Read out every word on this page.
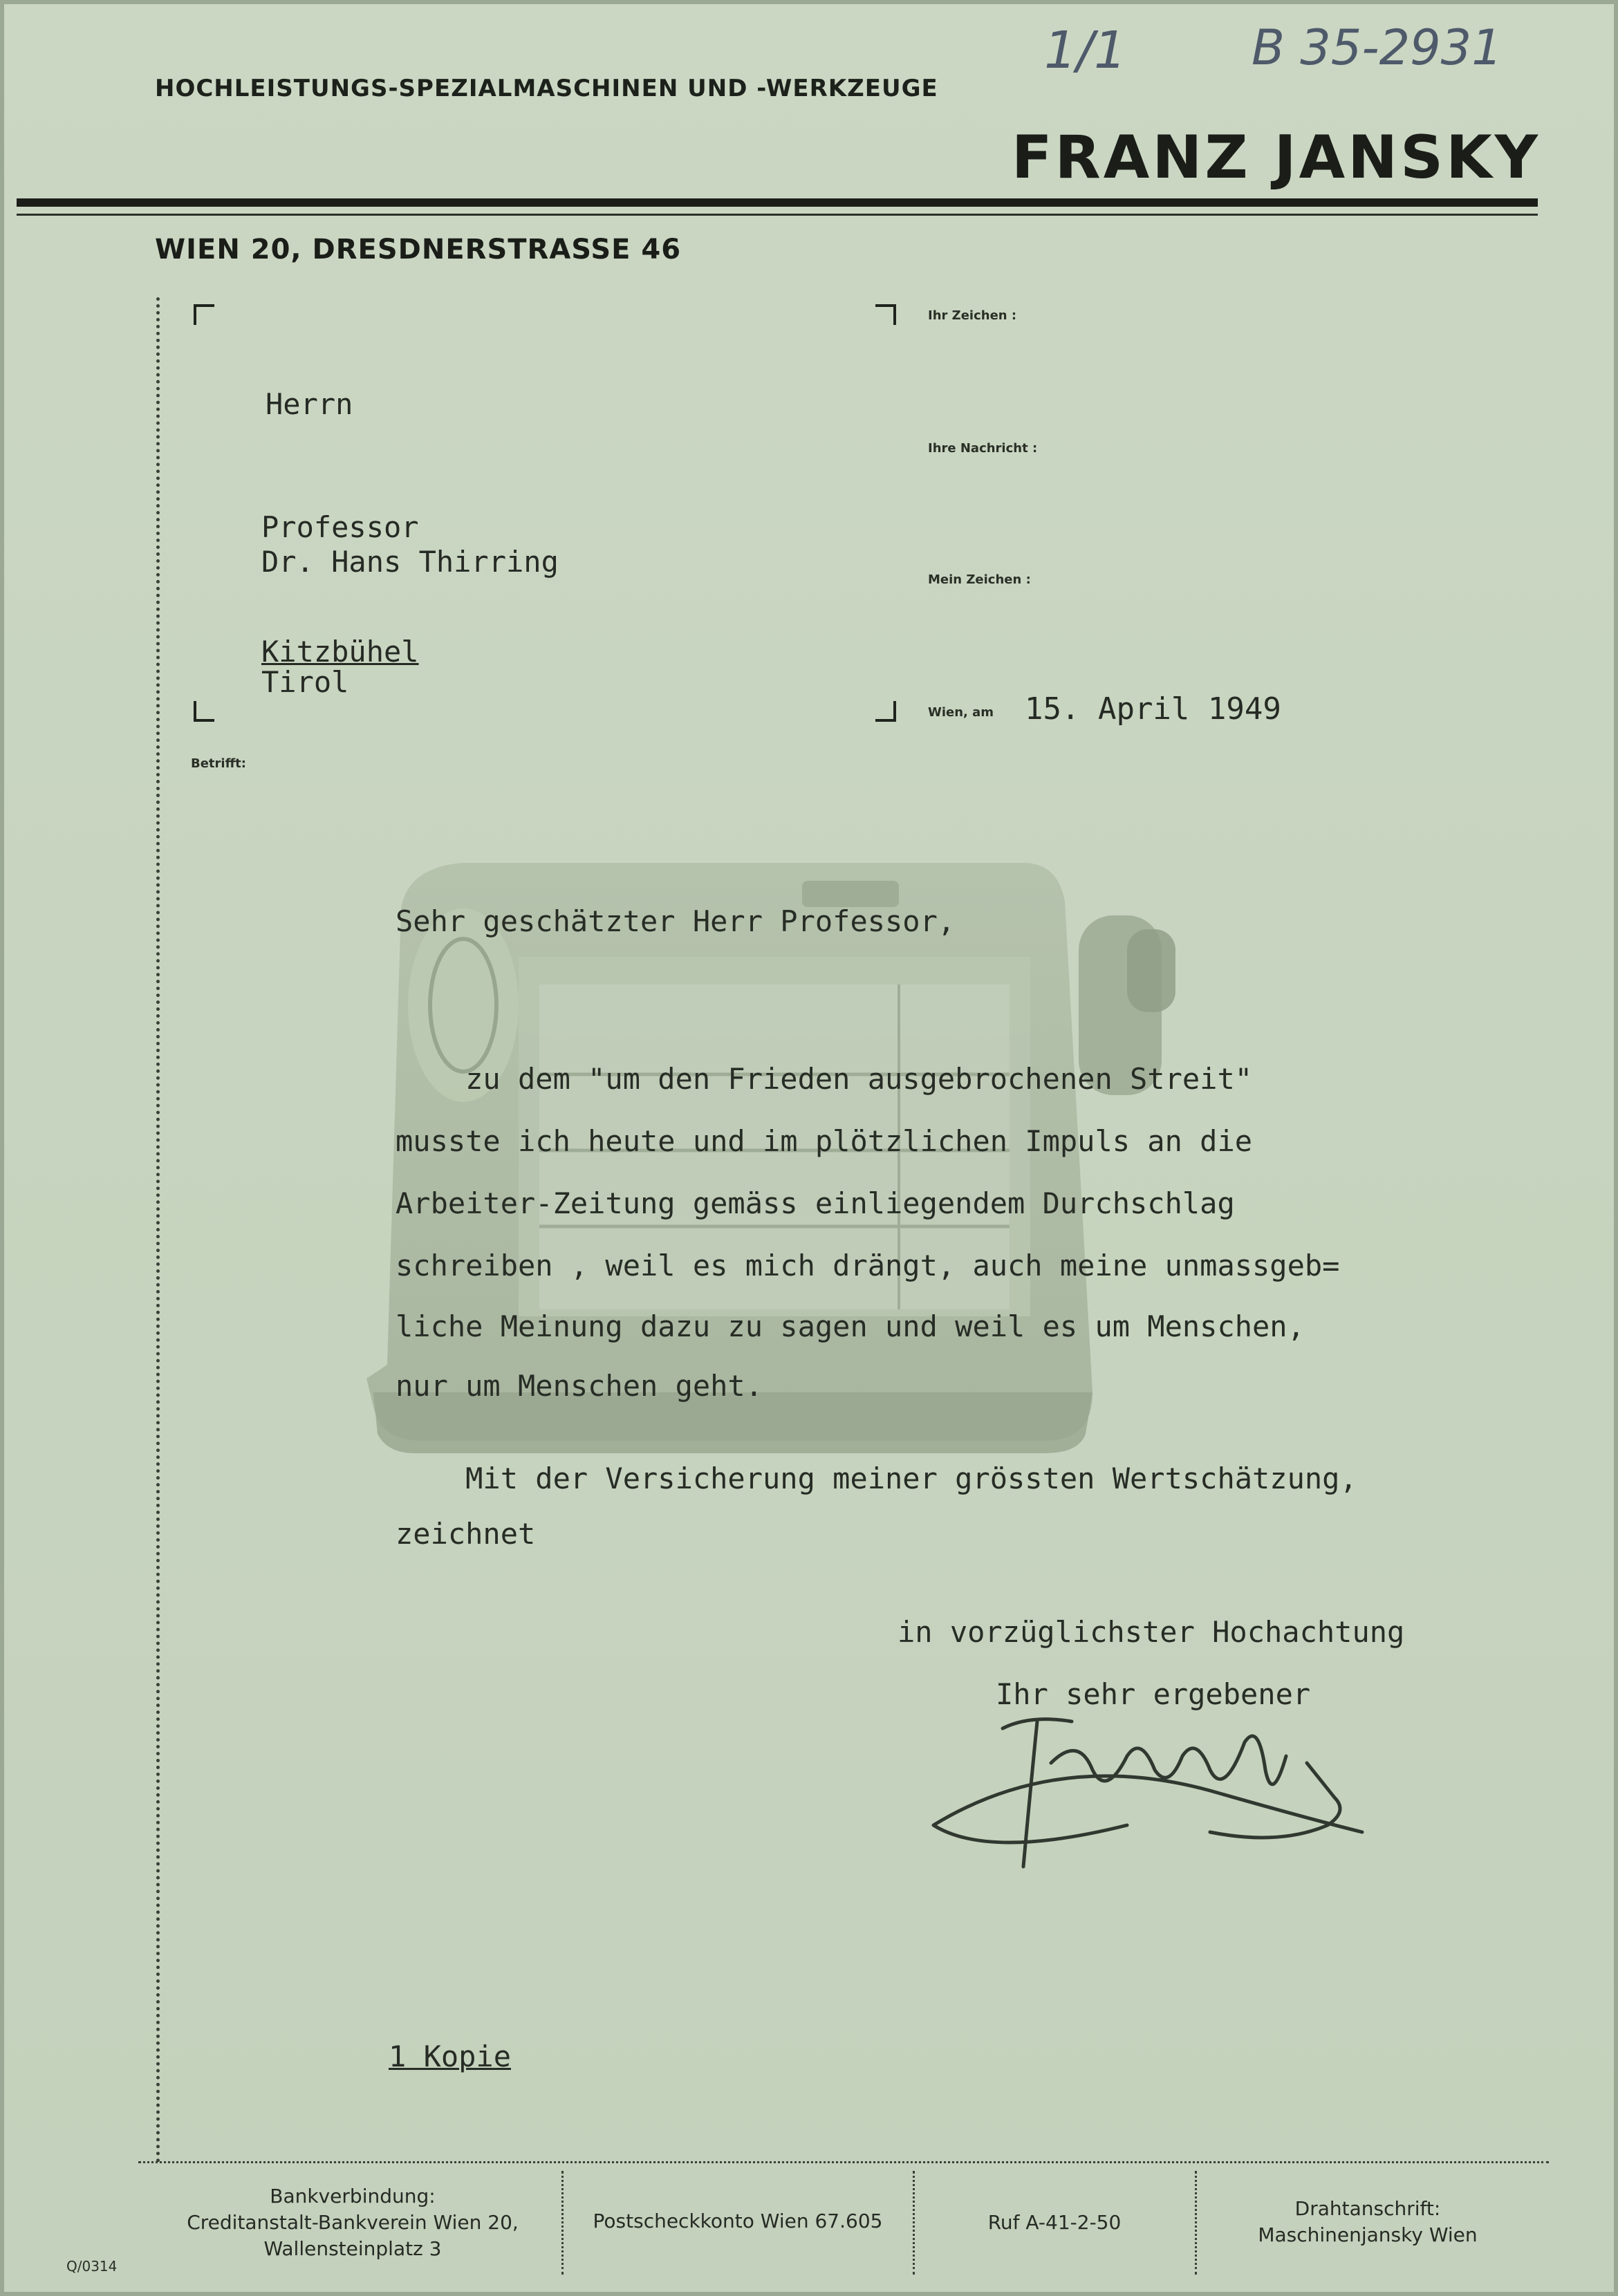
1/1	B 35-2931
HOCHLEISTUNGS-SPEZIALMASCHINEN UND -WERKZEUGE
FRANZ JANSKY
WIEN 20, DRESDNERSTRASSE 46
Ihr Zeichen :
Ihre Nachricht :
Mein Zeichen :
Wien, am 15. April 1949
Betrifft:
Herrn
Professor
Dr. Hans Thirring
Kitzbühel
Tirol
Sehr geschätzter Herr Professor,
zu dem "um den Frieden ausgebrochenen Streit"
musste ich heute und im plötzlichen Impuls an die
Arbeiter-Zeitung gemäss einliegendem Durchschlag
schreiben , weil es mich drängt, auch meine unmassgeb=
liche Meinung dazu zu sagen und weil es um Menschen,
nur um Menschen geht.
Mit der Versicherung meiner grössten Wertschätzung,
zeichnet
in vorzüglichster Hochachtung
Ihr sehr ergebener
1 Kopie
Bankverbindung:
Creditanstalt-Bankverein Wien 20,
Wallensteinplatz 3
Postscheckkonto Wien 67.605	Ruf A-41-2-50
Drahtanschrift:
Maschinenjansky Wien
Q/0314
